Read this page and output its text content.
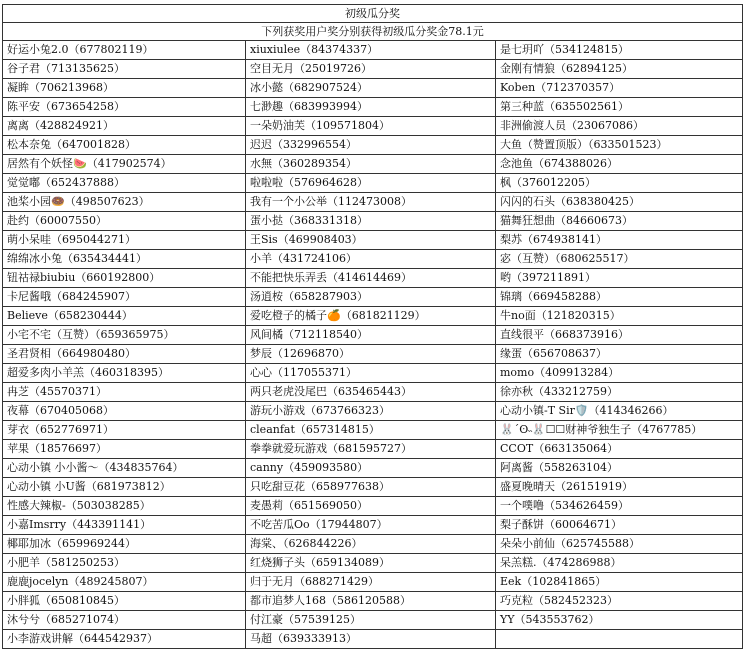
初级瓜分奖		
下列获奖用户奖分别获得初级瓜分奖金78.1元		
好运小兔2.0（677802119）	xiuxiulee（84374337）	是七玥吖（534124815）
谷子君（713135625）	空目无月（25019726）	金刚有情狼（62894125）
凝眸（706213968）	冰小懿（682907524）	Koben（712370357）
陈平安（673654258）	七渺趣（683993994）	第三种蓝（635502561）
离离（428824921）	一朵奶油芙（109571804）	非洲偷渡人员（23067086）
松本奈兔（647001828）	迟迟（332996554）	大鱼（赞置顶版）（633501523）
居然有个妖怪🍉（417902574）	水無（360289354）	念池鱼（674388026）
觉觉嘟（652437888）	啦啦啦（576964628）	枫（376012205）
池桨小园🍩（498507623）	我有一个小公举（112473008）	闪闪的石头（638380425）
赴约（60007550）	蛋小挞（368331318）	猫舞狂想曲（84660673）
萌小呆哇（695044271）	王Sis（469908403）	梨苏（674938141）
绵绵冰小兔（635434441）	小羊（431724106）	宓（互赞）（680625517）
钮祜禄biubiu（660192800）	不能把快乐弄丢（414614469）	哟（397211891）
卡尼酱哦（684245907）	汤逍桉（658287903）	锦璃（669458288）
Believe（658230444）	爱吃橙子的橘子🍊（681821129）	牛no面（121820315）
小宅不宅（互赞）（659365975）	风间橘（712118540）	直线很平（668373916）
圣君贤相（664980480）	梦辰（12696870）	缘蛋（656708637）
超爱多肉小羊羔（460318395）	心心（117055371）	momo（409913284）
冉芝（45570371）	两只老虎没尾巴（635465443）	徐亦秋（433212759）
夜幕（670405068）	游玩小游戏（673766323）	心动小镇-T Sir🛡️（414346266）
芽衣（652776971）	cleanfat（657314815）	🐰´ʘ˵🐰☐☐财神爷独生子（4767785）
苹果（18576697）	拳拳就爱玩游戏（681595727）	CCOT（663135064）
心动小镇 小小酱～（434835764）	canny（459093580）	阿离酱（558263104）
心动小镇 小U酱（681973812）	只吃甜豆花（658977638）	盛夏晚晴天（26151919）
性感大辣椒-（503038285）	麦愚莉（651569050）	一个噗噜（534626459）
小嘉Imsrry（443391141）	不吃苦瓜Oo（17944807）	梨子酥饼（60064671）
椰耶加冰（659969244）	海棠、（626844226）	朵朵小前仙（625745588）
小肥羊（581250253）	红烧狮子头（659134089）	呆羔糕.（474286988）
鹿鹿jocelyn（489245807）	归于无月（688271429）	Eek（102841865）
小胖狐（650810845）	都市追梦人168（586120588）	巧克粒（582452323）
沐兮兮（685271074）	付江豪（57539125）	YY（543553762）
小李游戏讲解（644542937）	马超（639333913）	
